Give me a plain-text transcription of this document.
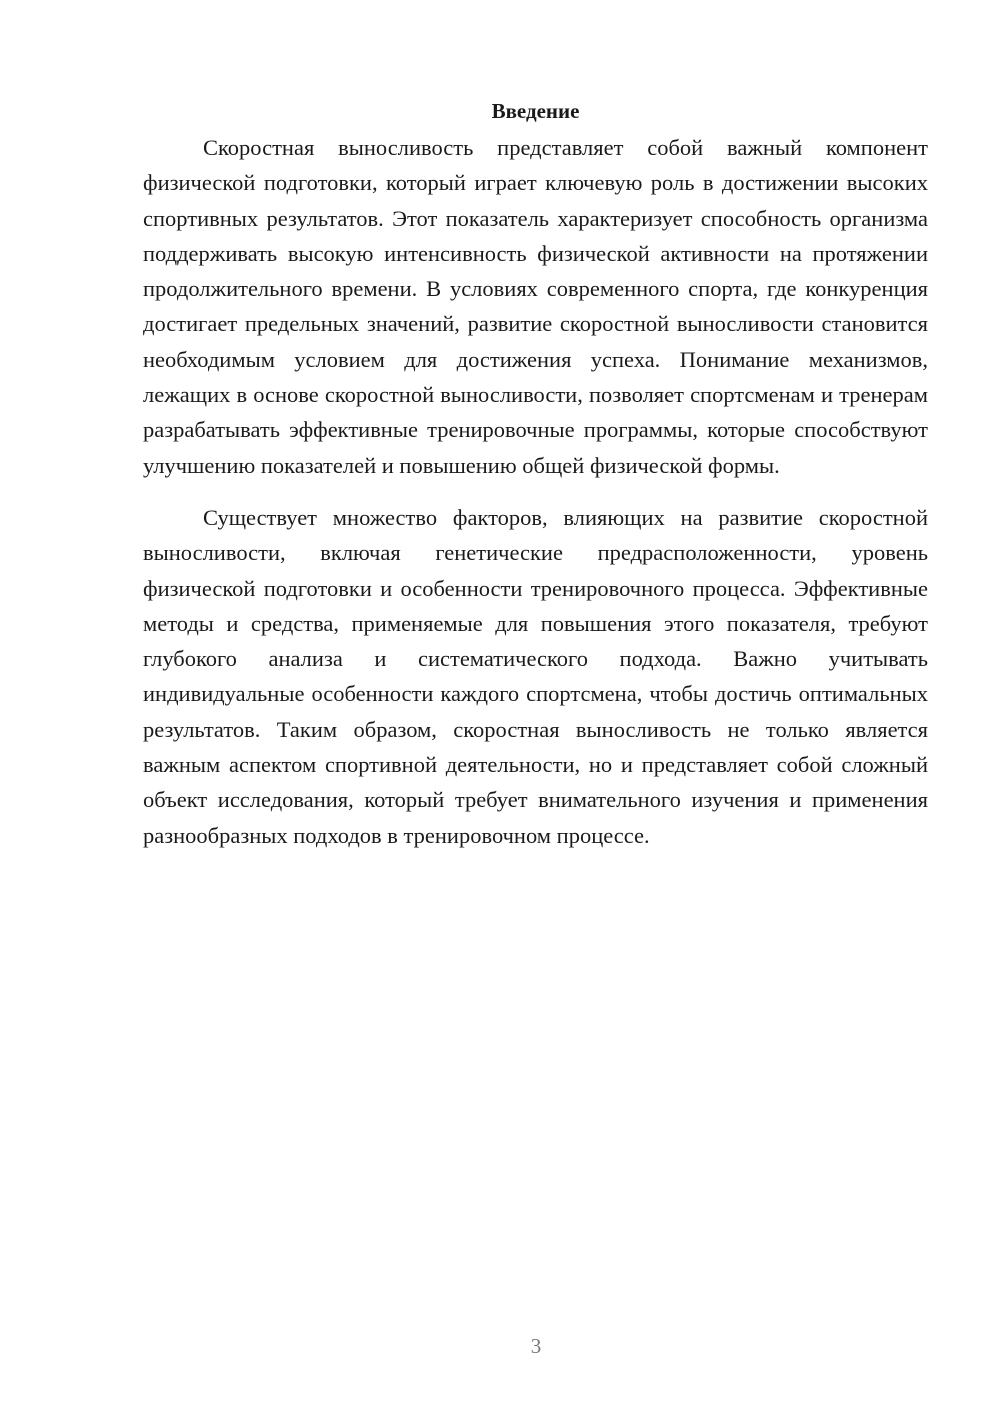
Введение

Скоростная выносливость представляет собой важный компонент физической подготовки, который играет ключевую роль в достижении высоких спортивных результатов. Этот показатель характеризует способность организма поддерживать высокую интенсивность физической активности на протяжении продолжительного времени. В условиях современного спорта, где конкуренция достигает предельных значений, развитие скоростной выносливости становится необходимым условием для достижения успеха. Понимание механизмов, лежащих в основе скоростной выносливости, позволяет спортсменам и тренерам разрабатывать эффективные тренировочные программы, которые способствуют улучшению показателей и повышению общей физической формы.

Существует множество факторов, влияющих на развитие скоростной выносливости, включая генетические предрасположенности, уровень физической подготовки и особенности тренировочного процесса. Эффективные методы и средства, применяемые для повышения этого показателя, требуют глубокого анализа и систематического подхода. Важно учитывать индивидуальные особенности каждого спортсмена, чтобы достичь оптимальных результатов. Таким образом, скоростная выносливость не только является важным аспектом спортивной деятельности, но и представляет собой сложный объект исследования, который требует внимательного изучения и применения разнообразных подходов в тренировочном процессе.

3
